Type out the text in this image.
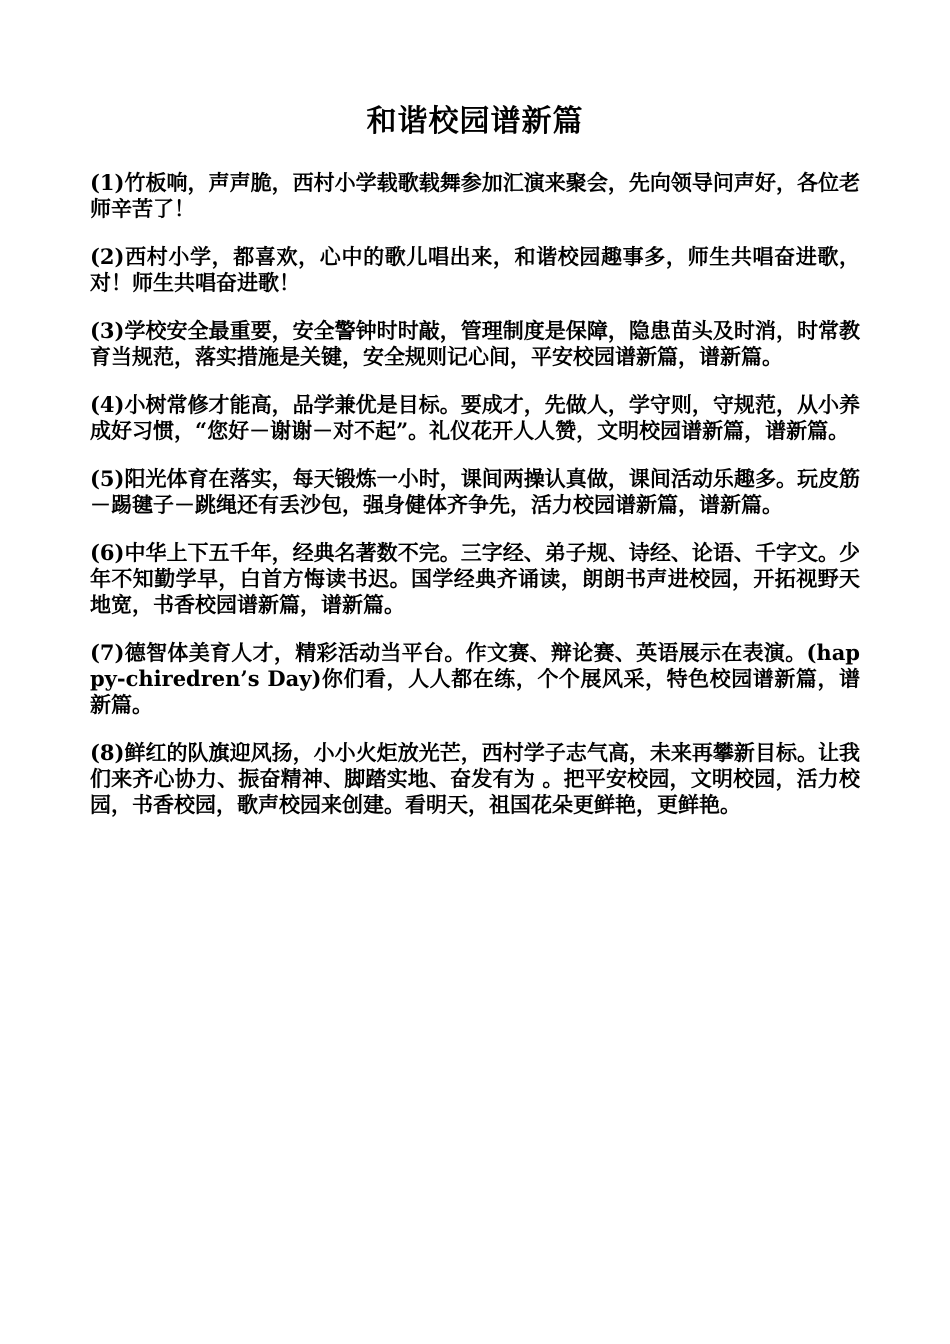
和谐校园谱新篇

(1)竹板响，声声脆，西村小学载歌载舞参加汇演来聚会，先向领导问声好，各位老师辛苦了！

(2)西村小学，都喜欢，心中的歌儿唱出来，和谐校园趣事多，师生共唱奋进歌，对！师生共唱奋进歌！

(3)学校安全最重要，安全警钟时时敲，管理制度是保障，隐患苗头及时消，时常教育当规范，落实措施是关键，安全规则记心间，平安校园谱新篇，谱新篇。

(4)小树常修才能高，品学兼优是目标。要成才，先做人，学守则，守规范，从小养成好习惯，“您好－谢谢－对不起”。礼仪花开人人赞，文明校园谱新篇，谱新篇。

(5)阳光体育在落实，每天锻炼一小时，课间两操认真做，课间活动乐趣多。玩皮筋－踢毽子－跳绳还有丢沙包，强身健体齐争先，活力校园谱新篇，谱新篇。

(6)中华上下五千年，经典名著数不完。三字经、弟子规、诗经、论语、千字文。少年不知勤学早，白首方悔读书迟。国学经典齐诵读，朗朗书声进校园，开拓视野天地宽，书香校园谱新篇，谱新篇。

(7)德智体美育人才，精彩活动当平台。作文赛、辩论赛、英语展示在表演。(happy-chiredren’s Day)你们看，人人都在练，个个展风采，特色校园谱新篇，谱新篇。

(8)鲜红的队旗迎风扬，小小火炬放光芒，西村学子志气高，未来再攀新目标。让我们来齐心协力、振奋精神、脚踏实地、奋发有为 。把平安校园，文明校园，活力校园，书香校园，歌声校园来创建。看明天，祖国花朵更鲜艳，更鲜艳。
